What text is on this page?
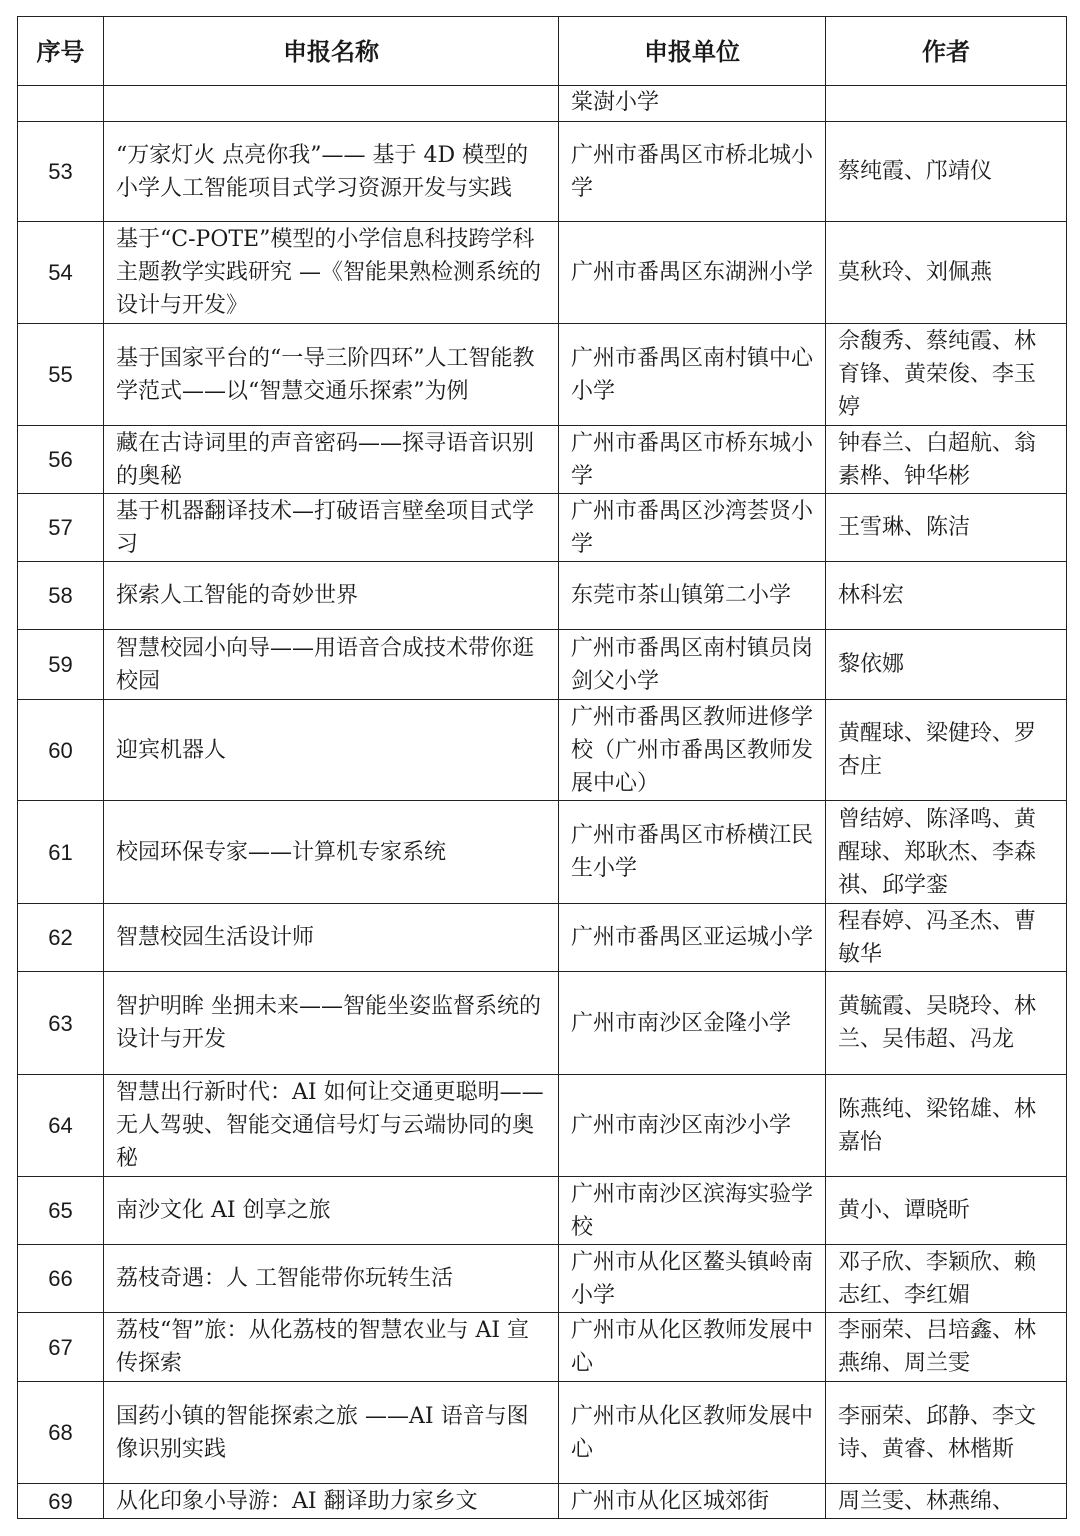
序号	申报名称	申报单位	作者
		棠澍小学	
53	“万家灯火 点亮你我”—— 基于 4D 模型的小学人工智能项目式学习资源开发与实践	广州市番禺区市桥北城小学	蔡纯霞、邝靖仪
54	基于“C-POTE”模型的小学信息科技跨学科主题教学实践研究 —《智能果熟检测系统的设计与开发》	广州市番禺区东湖洲小学	莫秋玲、刘佩燕
55	基于国家平台的“一导三阶四环”人工智能教学范式——以“智慧交通乐探索”为例	广州市番禺区南村镇中心小学	佘馥秀、蔡纯霞、林育锋、黄荣俊、李玉婷
56	藏在古诗词里的声音密码——探寻语音识别的奥秘	广州市番禺区市桥东城小学	钟春兰、白超航、翁素桦、钟华彬
57	基于机器翻译技术—打破语言壁垒项目式学习	广州市番禺区沙湾荟贤小学	王雪琳、陈洁
58	探索人工智能的奇妙世界	东莞市茶山镇第二小学	林科宏
59	智慧校园小向导——用语音合成技术带你逛校园	广州市番禺区南村镇员岗剑父小学	黎依娜
60	迎宾机器人	广州市番禺区教师进修学校（广州市番禺区教师发展中心）	黄醒球、梁健玲、罗杏庄
61	校园环保专家——计算机专家系统	广州市番禺区市桥横江民生小学	曾结婷、陈泽鸣、黄醒球、郑耿杰、李森祺、邱学銮
62	智慧校园生活设计师	广州市番禺区亚运城小学	程春婷、冯圣杰、曹敏华
63	智护明眸 坐拥未来——智能坐姿监督系统的设计与开发	广州市南沙区金隆小学	黄毓霞、吴晓玲、林兰、吴伟超、冯龙
64	智慧出行新时代：AI 如何让交通更聪明——无人驾驶、智能交通信号灯与云端协同的奥秘	广州市南沙区南沙小学	陈燕纯、梁铭雄、林嘉怡
65	南沙文化 AI 创享之旅	广州市南沙区滨海实验学校	黄小、谭晓昕
66	荔枝奇遇：人 工智能带你玩转生活	广州市从化区鳌头镇岭南小学	邓子欣、李颖欣、赖志红、李红媚
67	荔枝“智”旅：从化荔枝的智慧农业与 AI 宣传探索	广州市从化区教师发展中心	李丽荣、吕培鑫、林燕绵、周兰雯
68	国药小镇的智能探索之旅 ——AI 语音与图像识别实践	广州市从化区教师发展中心	李丽荣、邱静、李文诗、黄睿、林楷斯
69	从化印象小导游：AI 翻译助力家乡文	广州市从化区城郊街	周兰雯、林燕绵、
